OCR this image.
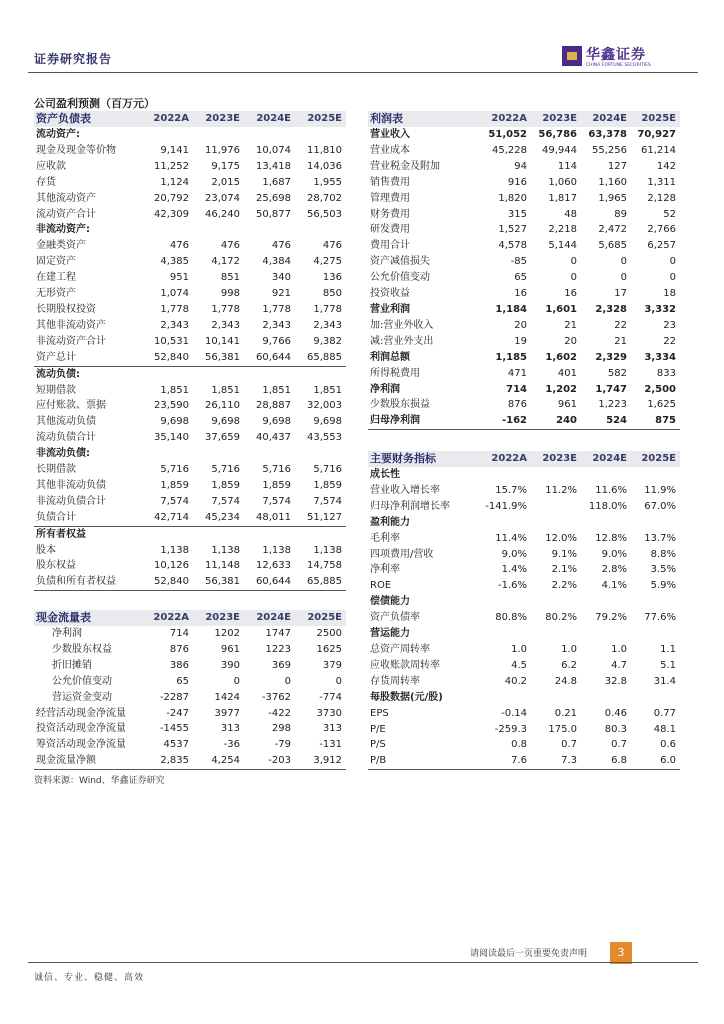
证券研究报告	华鑫证券
CHINA FORTUNE SECURITIES
公司盈利预测（百万元）
资产负债表	2022A	2023E	2024E	2025E
流动资产:				
现金及现金等价物	9,141	11,976	10,074	11,810
应收款	11,252	9,175	13,418	14,036
存货	1,124	2,015	1,687	1,955
其他流动资产	20,792	23,074	25,698	28,702
流动资产合计	42,309	46,240	50,877	56,503
非流动资产:				
金融类资产	476	476	476	476
固定资产	4,385	4,172	4,384	4,275
在建工程	951	851	340	136
无形资产	1,074	998	921	850
长期股权投资	1,778	1,778	1,778	1,778
其他非流动资产	2,343	2,343	2,343	2,343
非流动资产合计	10,531	10,141	9,766	9,382
资产总计	52,840	56,381	60,644	65,885
流动负债:				
短期借款	1,851	1,851	1,851	1,851
应付账款、票据	23,590	26,110	28,887	32,003
其他流动负债	9,698	9,698	9,698	9,698
流动负债合计	35,140	37,659	40,437	43,553
非流动负债:				
长期借款	5,716	5,716	5,716	5,716
其他非流动负债	1,859	1,859	1,859	1,859
非流动负债合计	7,574	7,574	7,574	7,574
负债合计	42,714	45,234	48,011	51,127
所有者权益				
股本	1,138	1,138	1,138	1,138
股东权益	10,126	11,148	12,633	14,758
负债和所有者权益	52,840	56,381	60,644	65,885
利润表	2022A	2023E	2024E	2025E
营业收入	51,052	56,786	63,378	70,927
营业成本	45,228	49,944	55,256	61,214
营业税金及附加	94	114	127	142
销售费用	916	1,060	1,160	1,311
管理费用	1,820	1,817	1,965	2,128
财务费用	315	48	89	52
研发费用	1,527	2,218	2,472	2,766
费用合计	4,578	5,144	5,685	6,257
资产减值损失	-85	0	0	0
公允价值变动	65	0	0	0
投资收益	16	16	17	18
营业利润	1,184	1,601	2,328	3,332
加:营业外收入	20	21	22	23
减:营业外支出	19	20	21	22
利润总额	1,185	1,602	2,329	3,334
所得税费用	471	401	582	833
净利润	714	1,202	1,747	2,500
少数股东损益	876	961	1,223	1,625
归母净利润	-162	240	524	875
主要财务指标	2022A	2023E	2024E	2025E
成长性				
营业收入增长率	15.7%	11.2%	11.6%	11.9%
归母净利润增长率	-141.9%		118.0%	67.0%
盈利能力				
毛利率	11.4%	12.0%	12.8%	13.7%
四项费用/营收	9.0%	9.1%	9.0%	8.8%
净利率	1.4%	2.1%	2.8%	3.5%
ROE	-1.6%	2.2%	4.1%	5.9%
偿债能力				
资产负债率	80.8%	80.2%	79.2%	77.6%
营运能力				
总资产周转率	1.0	1.0	1.0	1.1
应收账款周转率	4.5	6.2	4.7	5.1
存货周转率	40.2	24.8	32.8	31.4
每股数据(元/股)				
EPS	-0.14	0.21	0.46	0.77
P/E	-259.3	175.0	80.3	48.1
P/S	0.8	0.7	0.7	0.6
P/B	7.6	7.3	6.8	6.0
现金流量表	2022A	2023E	2024E	2025E
净利润	714	1202	1747	2500
少数股东权益	876	961	1223	1625
折旧摊销	386	390	369	379
公允价值变动	65	0	0	0
营运资金变动	-2287	1424	-3762	-774
经营活动现金净流量	-247	3977	-422	3730
投资活动现金净流量	-1455	313	298	313
筹资活动现金净流量	4537	-36	-79	-131
现金流量净额	2,835	4,254	-203	3,912
资料来源：Wind、华鑫证券研究
请阅读最后一页重要免责声明	3
诚信、专业、稳健、高效
